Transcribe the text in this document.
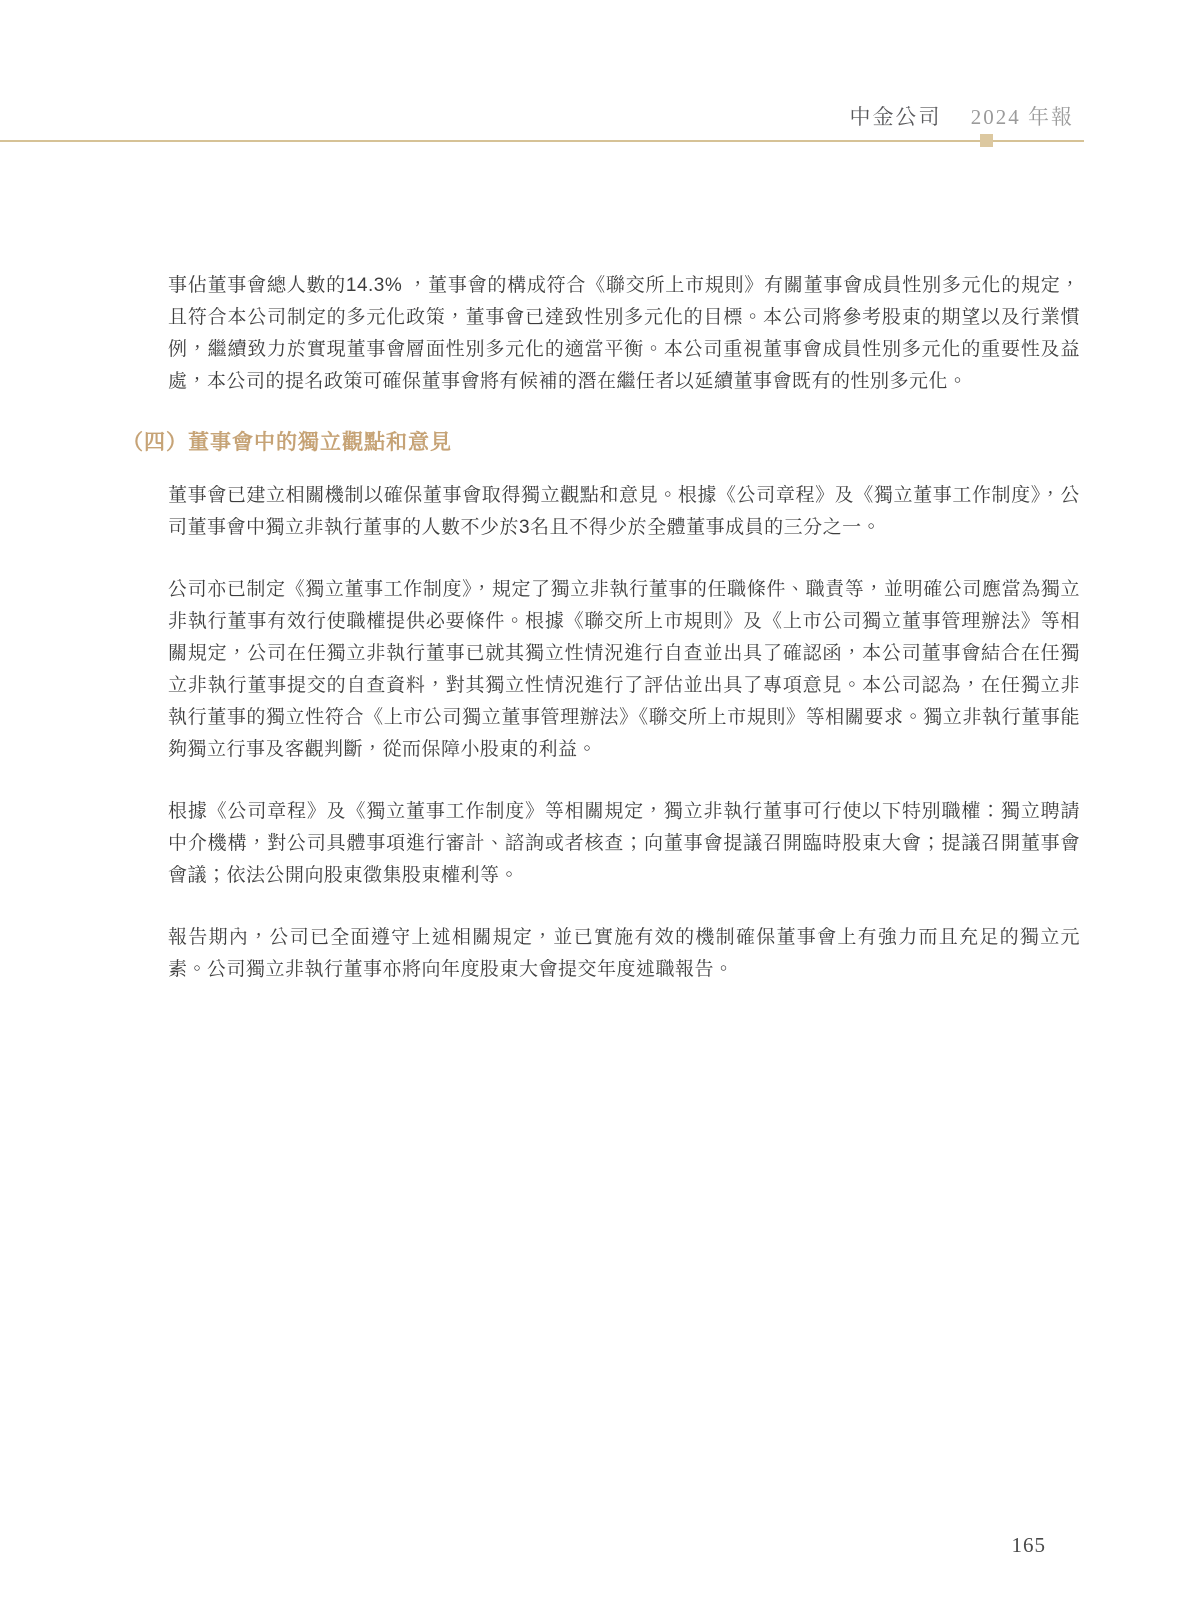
中金公司 2024 年報

事佔董事會總人數的14.3% ，董事會的構成符合《聯交所上市規則》有關董事會成員性別多元化的規定，且符合本公司制定的多元化政策，董事會已達致性別多元化的目標。本公司將參考股東的期望以及行業慣例，繼續致力於實現董事會層面性別多元化的適當平衡。本公司重視董事會成員性別多元化的重要性及益處，本公司的提名政策可確保董事會將有候補的潛在繼任者以延續董事會既有的性別多元化。

（四）董事會中的獨立觀點和意見

董事會已建立相關機制以確保董事會取得獨立觀點和意見。根據《公司章程》及《獨立董事工作制度》，公司董事會中獨立非執行董事的人數不少於3名且不得少於全體董事成員的三分之一。

公司亦已制定《獨立董事工作制度》，規定了獨立非執行董事的任職條件、職責等，並明確公司應當為獨立非執行董事有效行使職權提供必要條件。根據《聯交所上市規則》及《上市公司獨立董事管理辦法》等相關規定，公司在任獨立非執行董事已就其獨立性情況進行自查並出具了確認函，本公司董事會結合在任獨立非執行董事提交的自查資料，對其獨立性情況進行了評估並出具了專項意見。本公司認為，在任獨立非執行董事的獨立性符合《上市公司獨立董事管理辦法》《聯交所上市規則》等相關要求。獨立非執行董事能夠獨立行事及客觀判斷，從而保障小股東的利益。

根據《公司章程》及《獨立董事工作制度》等相關規定，獨立非執行董事可行使以下特別職權：獨立聘請中介機構，對公司具體事項進行審計、諮詢或者核查；向董事會提議召開臨時股東大會；提議召開董事會會議；依法公開向股東徵集股東權利等。

報告期內，公司已全面遵守上述相關規定，並已實施有效的機制確保董事會上有強力而且充足的獨立元素。公司獨立非執行董事亦將向年度股東大會提交年度述職報告。

165
